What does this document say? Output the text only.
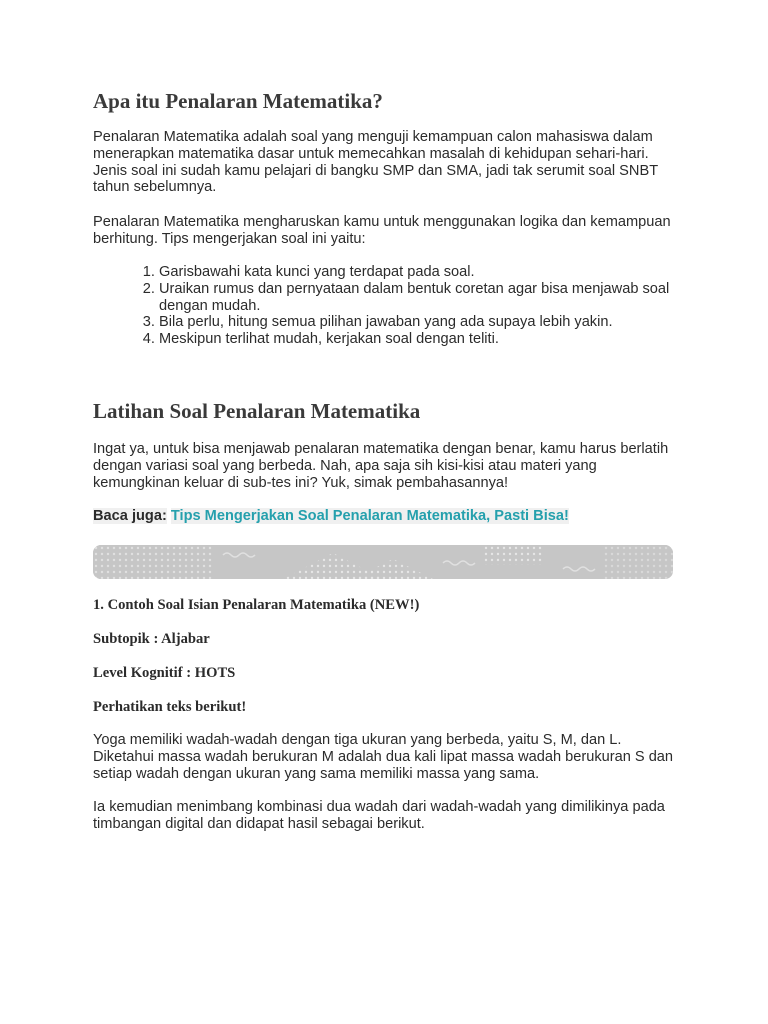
Apa itu Penalaran Matematika?

Penalaran Matematika adalah soal yang menguji kemampuan calon mahasiswa dalam menerapkan matematika dasar untuk memecahkan masalah di kehidupan sehari-hari. Jenis soal ini sudah kamu pelajari di bangku SMP dan SMA, jadi tak serumit soal SNBT tahun sebelumnya.

Penalaran Matematika mengharuskan kamu untuk menggunakan logika dan kemampuan berhitung. Tips mengerjakan soal ini yaitu:

1. Garisbawahi kata kunci yang terdapat pada soal.
2. Uraikan rumus dan pernyataan dalam bentuk coretan agar bisa menjawab soal dengan mudah.
3. Bila perlu, hitung semua pilihan jawaban yang ada supaya lebih yakin.
4. Meskipun terlihat mudah, kerjakan soal dengan teliti.
Latihan Soal Penalaran Matematika

Ingat ya, untuk bisa menjawab penalaran matematika dengan benar, kamu harus berlatih dengan variasi soal yang berbeda. Nah, apa saja sih kisi-kisi atau materi yang kemungkinan keluar di sub-tes ini? Yuk, simak pembahasannya!

Baca juga: Tips Mengerjakan Soal Penalaran Matematika, Pasti Bisa!

1. Contoh Soal Isian Penalaran Matematika (NEW!)

Subtopik : Aljabar

Level Kognitif : HOTS

Perhatikan teks berikut!

Yoga memiliki wadah-wadah dengan tiga ukuran yang berbeda, yaitu S, M, dan L. Diketahui massa wadah berukuran M adalah dua kali lipat massa wadah berukuran S dan setiap wadah dengan ukuran yang sama memiliki massa yang sama.

Ia kemudian menimbang kombinasi dua wadah dari wadah-wadah yang dimilikinya pada timbangan digital dan didapat hasil sebagai berikut.
